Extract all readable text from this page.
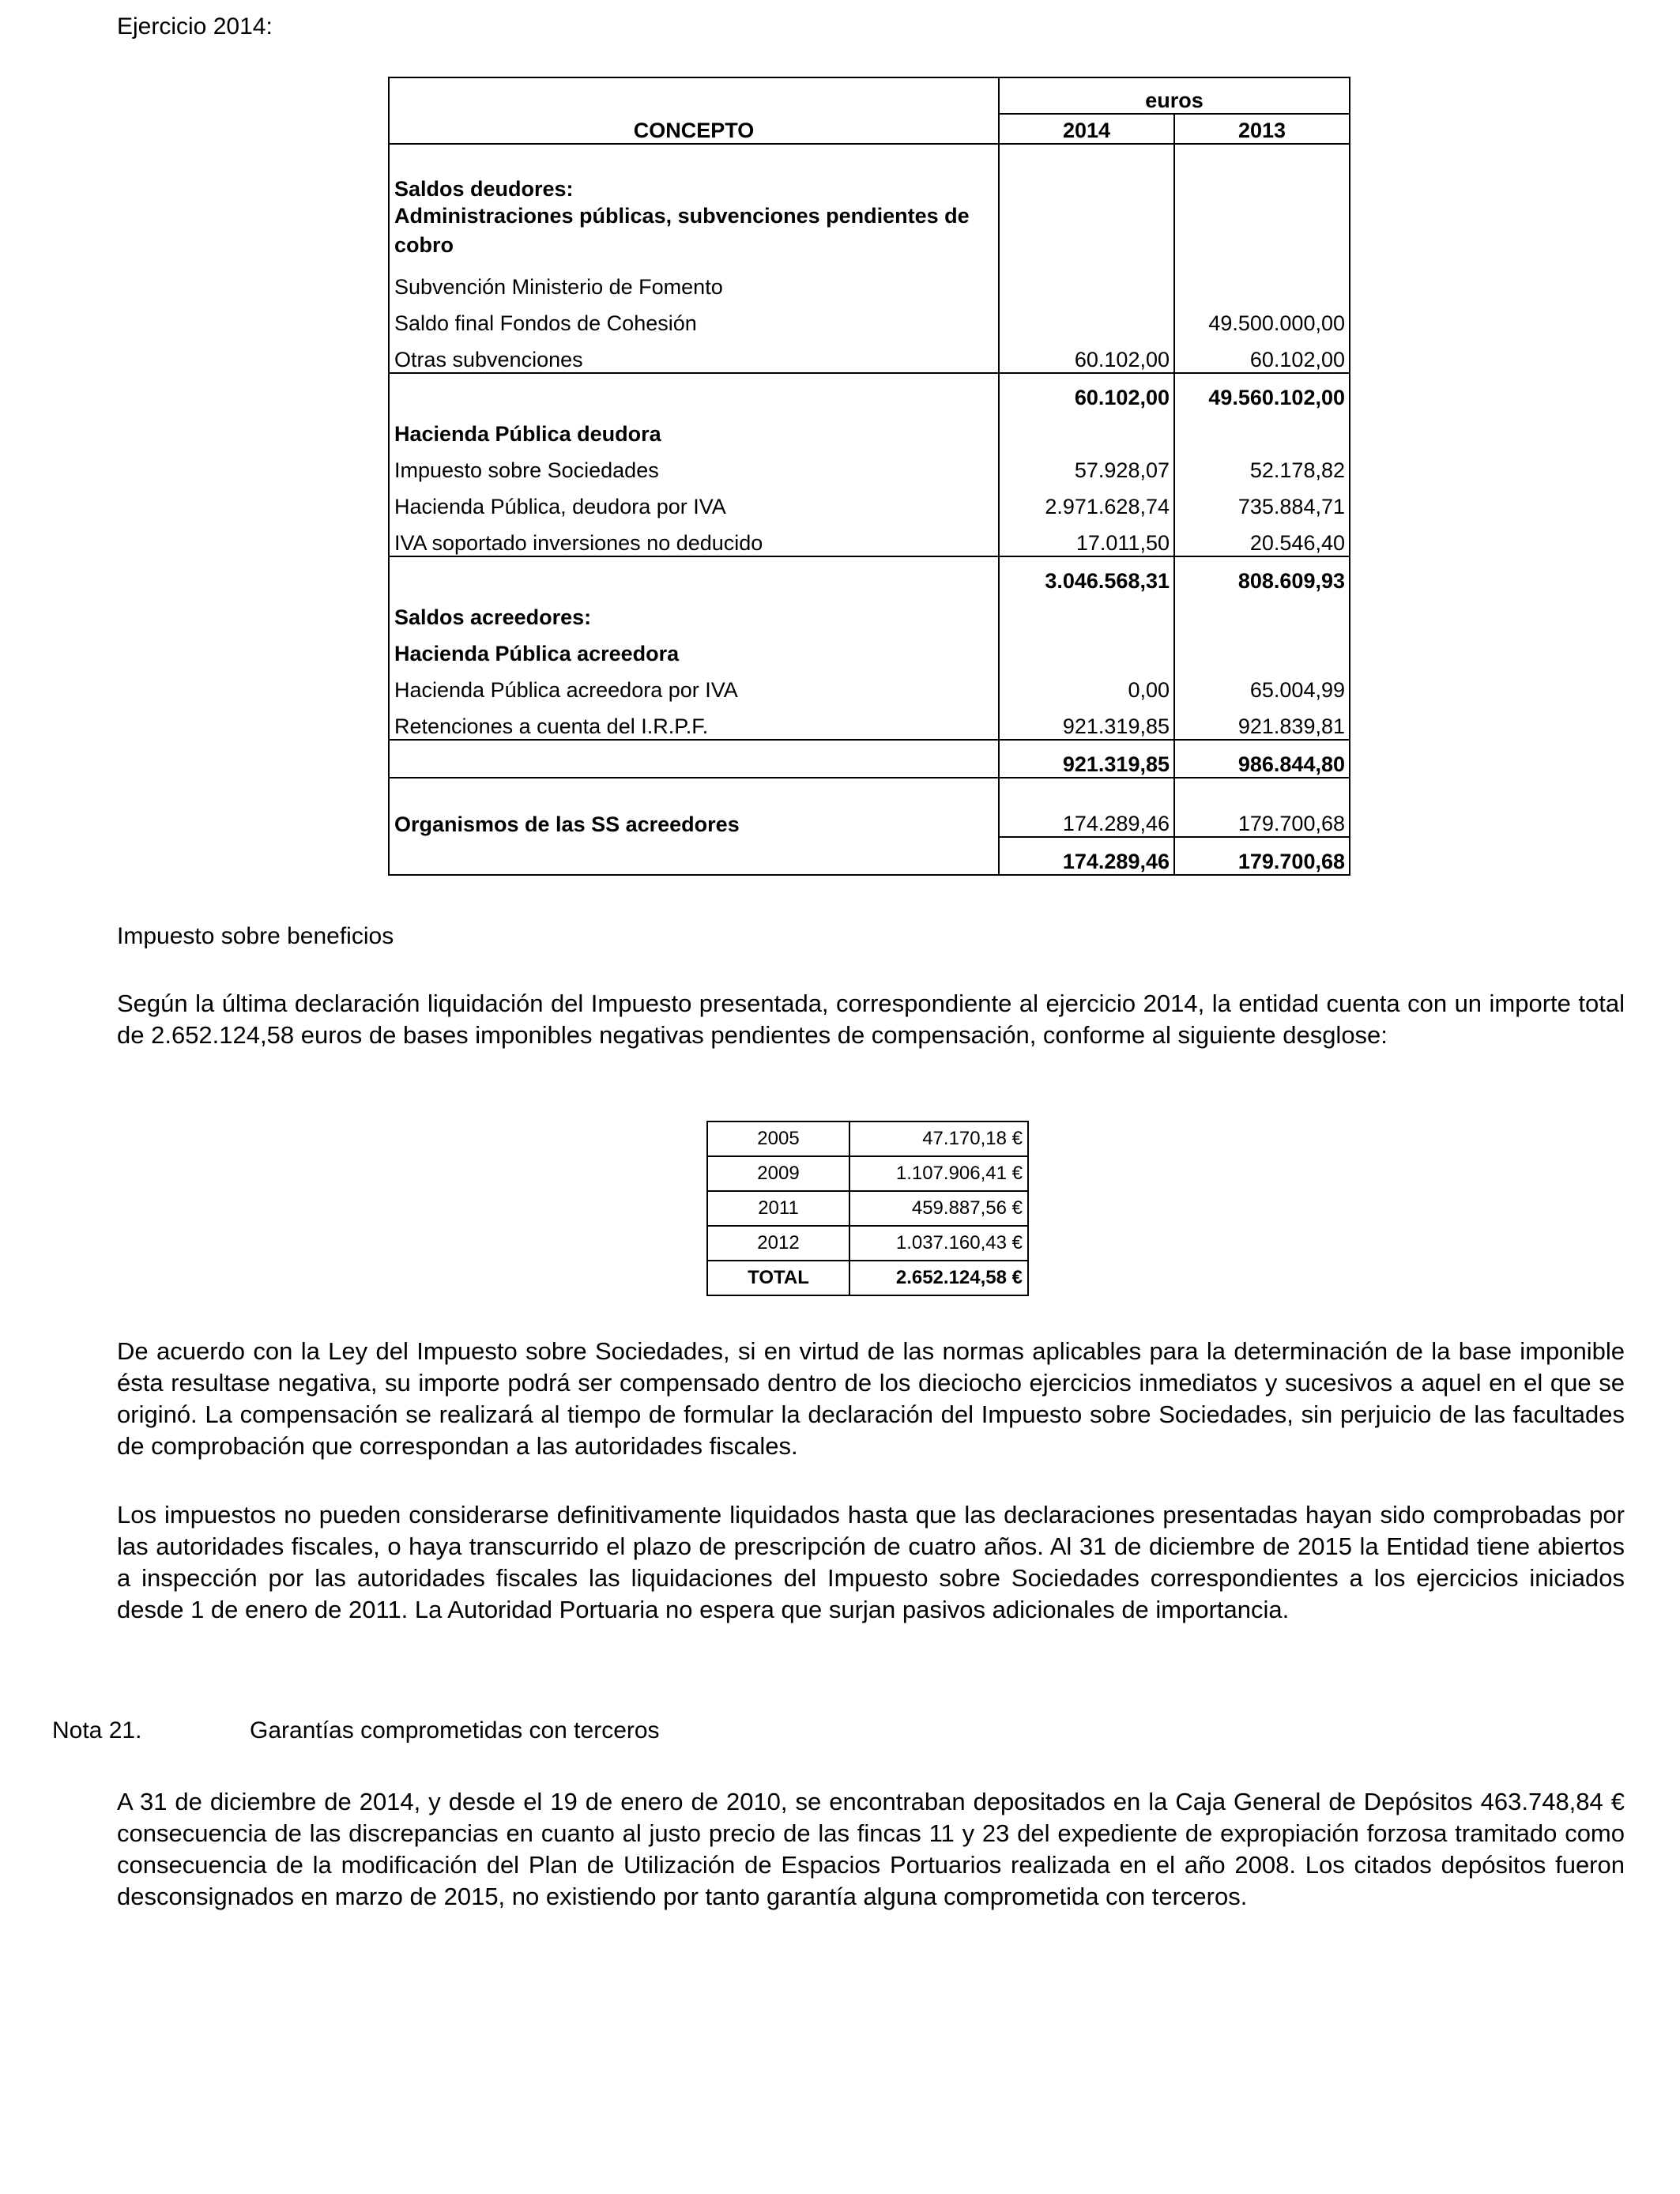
Ejercicio 2014:
CONCEPTO	euros	
	2014	2013
Saldos deudores:		
Administraciones públicas, subvenciones pendientes de cobro		
Subvención Ministerio de Fomento		
Saldo final Fondos de Cohesión		49.500.000,00
Otras subvenciones	60.102,00	60.102,00
	60.102,00	49.560.102,00
Hacienda Pública deudora		
Impuesto sobre Sociedades	57.928,07	52.178,82
Hacienda Pública, deudora por IVA	2.971.628,74	735.884,71
IVA soportado inversiones no deducido	17.011,50	20.546,40
	3.046.568,31	808.609,93
Saldos acreedores:		
Hacienda Pública acreedora		
Hacienda Pública acreedora por IVA	0,00	65.004,99
Retenciones a cuenta del I.R.P.F.	921.319,85	921.839,81
	921.319,85	986.844,80
Organismos de las SS acreedores	174.289,46	179.700,68
	174.289,46	179.700,68
Impuesto sobre beneficios
Según la última declaración liquidación del Impuesto presentada, correspondiente al ejercicio 2014, la entidad cuenta con un importe total de 2.652.124,58 euros de bases imponibles negativas pendientes de compensación, conforme al siguiente desglose:
2005	47.170,18 €
2009	1.107.906,41 €
2011	459.887,56 €
2012	1.037.160,43 €
TOTAL	2.652.124,58 €
De acuerdo con la Ley del Impuesto sobre Sociedades, si en virtud de las normas aplicables para la determinación de la base imponible ésta resultase negativa, su importe podrá ser compensado dentro de los dieciocho ejercicios inmediatos y sucesivos a aquel en el que se originó. La compensación se realizará al tiempo de formular la declaración del Impuesto sobre Sociedades, sin perjuicio de las facultades de comprobación que correspondan a las autoridades fiscales.
Los impuestos no pueden considerarse definitivamente liquidados hasta que las declaraciones presentadas hayan sido comprobadas por las autoridades fiscales, o haya transcurrido el plazo de prescripción de cuatro años. Al 31 de diciembre de 2015 la Entidad tiene abiertos a inspección por las autoridades fiscales las liquidaciones del Impuesto sobre Sociedades correspondientes a los ejercicios iniciados desde 1 de enero de 2011. La Autoridad Portuaria no espera que surjan pasivos adicionales de importancia.
Nota 21.	Garantías comprometidas con terceros
A 31 de diciembre de 2014, y desde el 19 de enero de 2010, se encontraban depositados en la Caja General de Depósitos 463.748,84 € consecuencia de las discrepancias en cuanto al justo precio de las fincas 11 y 23 del expediente de expropiación forzosa tramitado como consecuencia de la modificación del Plan de Utilización de Espacios Portuarios realizada en el año 2008. Los citados depósitos fueron desconsignados en marzo de 2015, no existiendo por tanto garantía alguna comprometida con terceros.
